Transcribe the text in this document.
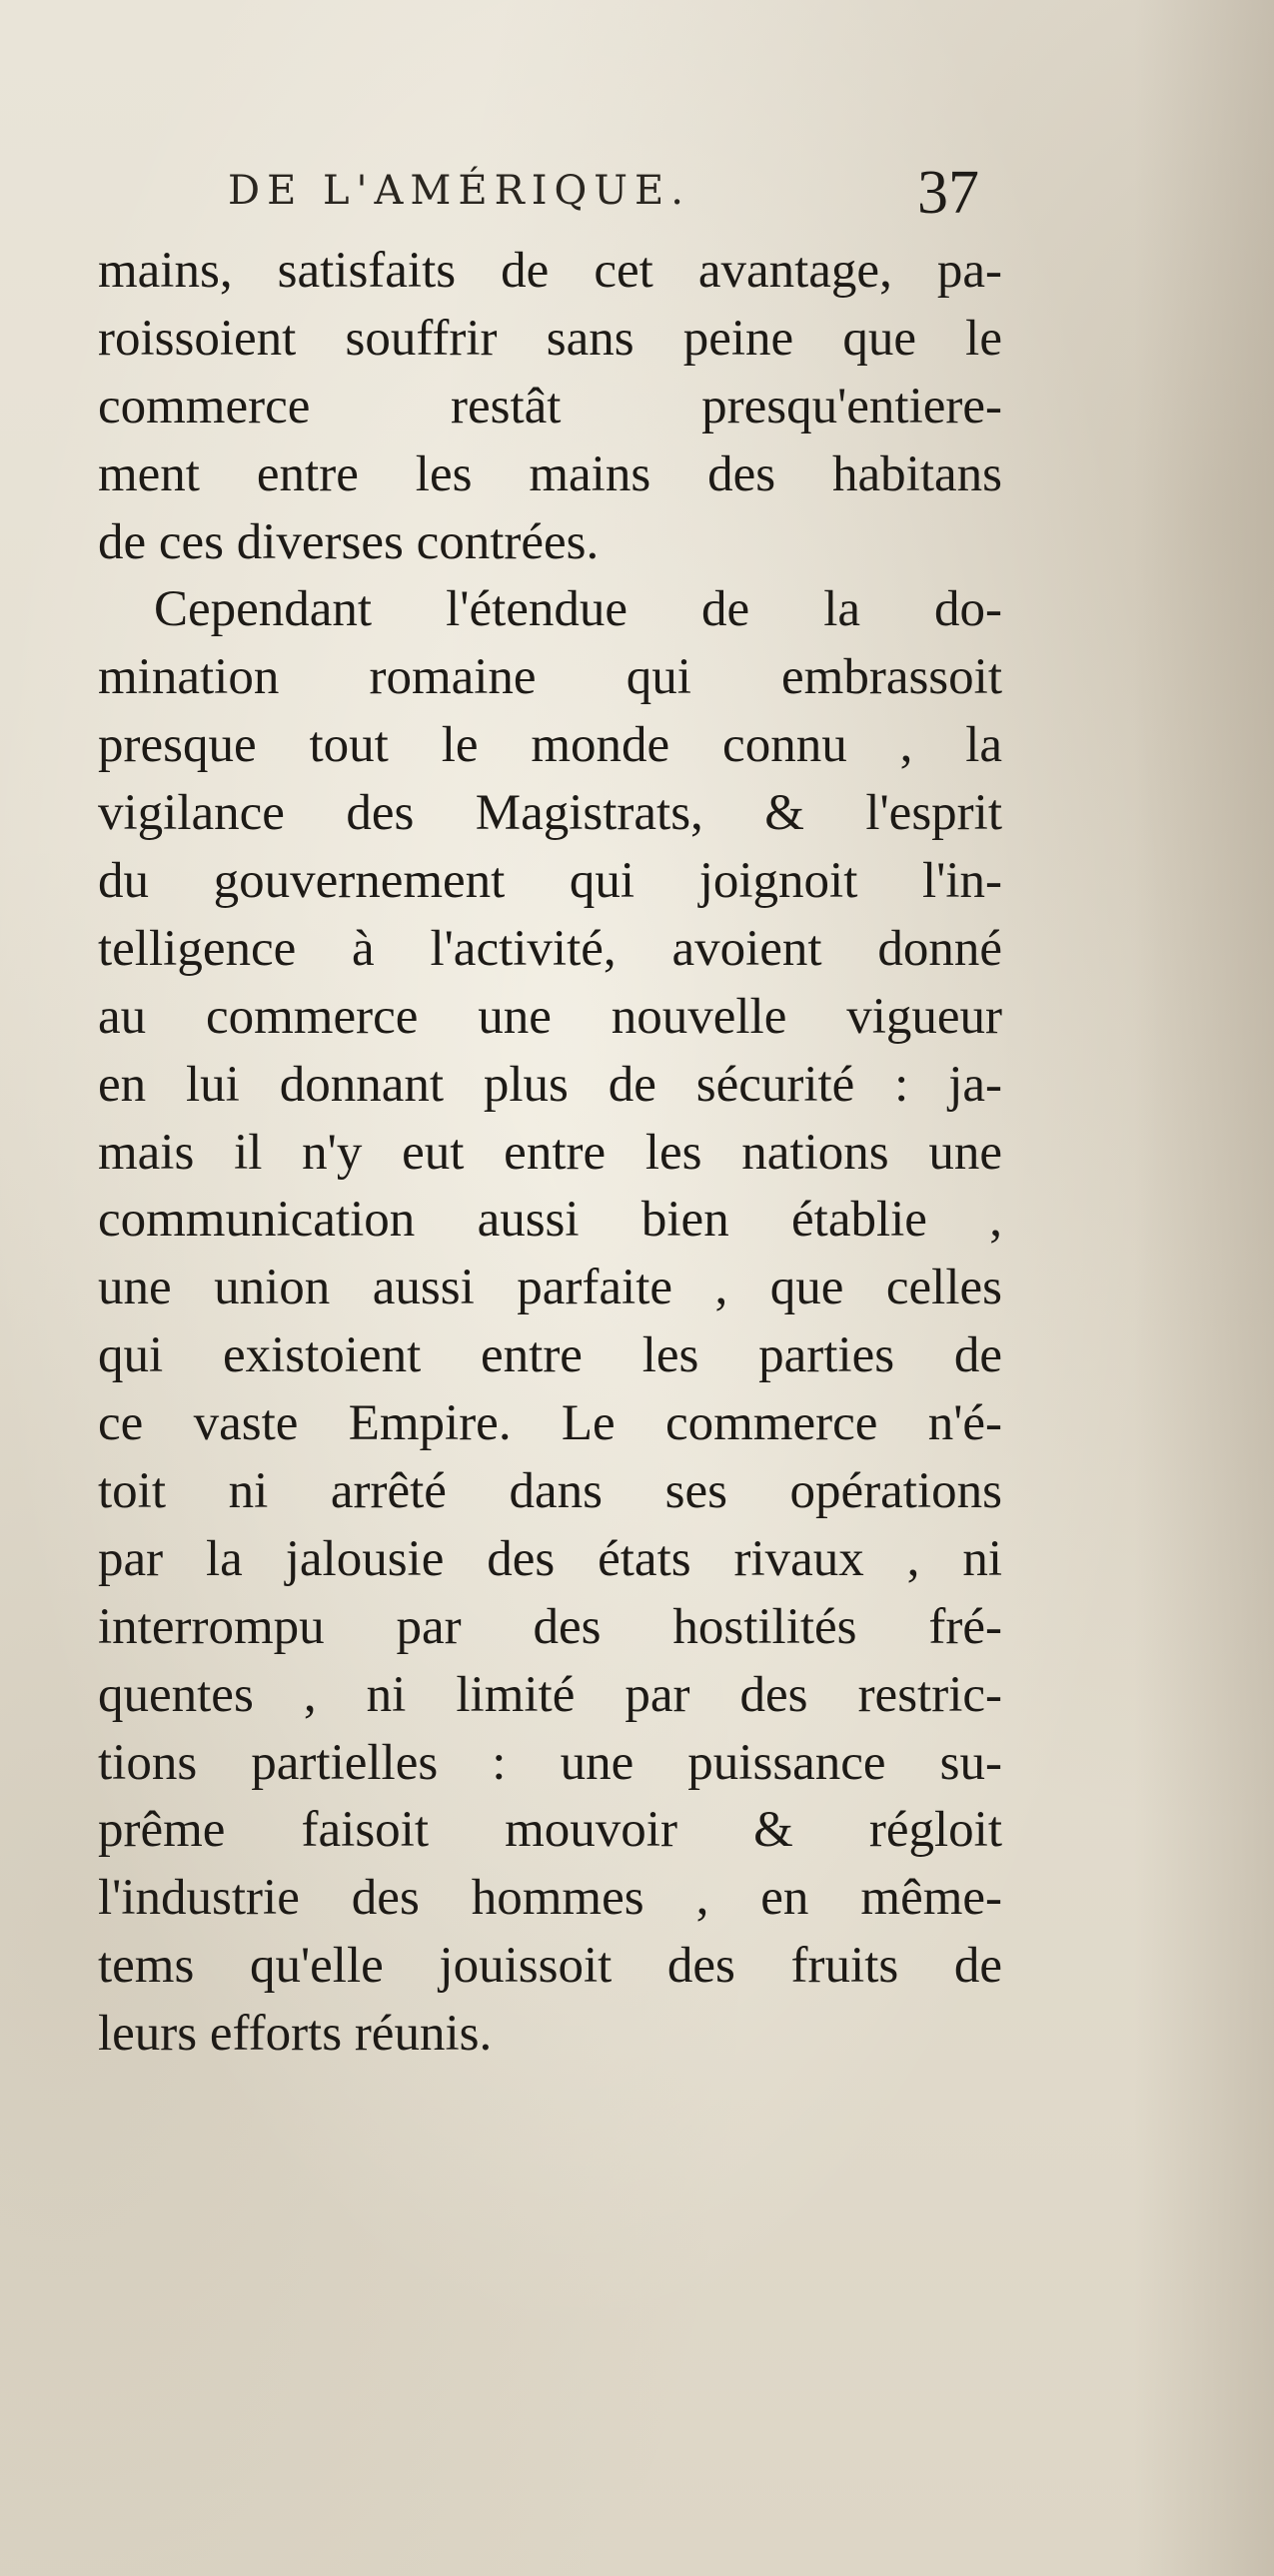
DE L'AMÉRIQUE.	37
mains, satisfaits de cet avantage, pa-
roissoient souffrir sans peine que le
commerce restât presqu'entiere-
ment entre les mains des habitans
de ces diverses contrées.
Cependant l'étendue de la do-
mination romaine qui embrassoit
presque tout le monde connu , la
vigilance des Magistrats, & l'esprit
du gouvernement qui joignoit l'in-
telligence à l'activité, avoient donné
au commerce une nouvelle vigueur
en lui donnant plus de sécurité : ja-
mais il n'y eut entre les nations une
communication aussi bien établie ,
une union aussi parfaite , que celles
qui existoient entre les parties de
ce vaste Empire. Le commerce n'é-
toit ni arrêté dans ses opérations
par la jalousie des états rivaux , ni
interrompu par des hostilités fré-
quentes , ni limité par des restric-
tions partielles : une puissance su-
prême faisoit mouvoir & régloit
l'industrie des hommes , en même-
tems qu'elle jouissoit des fruits de
leurs efforts réunis.
